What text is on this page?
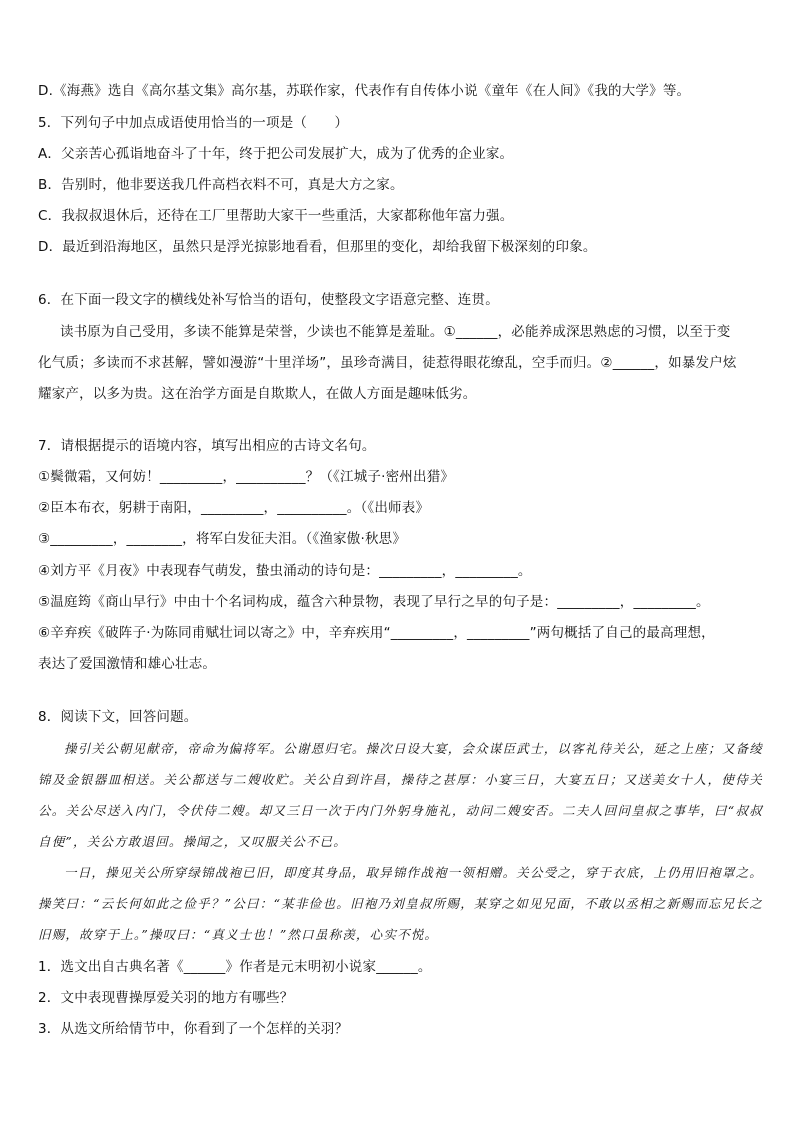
D.《海燕》选自《高尔基文集》高尔基，苏联作家，代表作有自传体小说《童年《在人间》《我的大学》等。
5．下列句子中加点成语使用恰当的一项是（　　）
A．父亲苦心孤诣地奋斗了十年，终于把公司发展扩大，成为了优秀的企业家。
B．告别时，他非要送我几件高档衣料不可，真是大方之家。
C．我叔叔退休后，还待在工厂里帮助大家干一些重活，大家都称他年富力强。
D．最近到沿海地区，虽然只是浮光掠影地看看，但那里的变化，却给我留下极深刻的印象。
6．在下面一段文字的横线处补写恰当的语句，使整段文字语意完整、连贯。
读书原为自己受用，多读不能算是荣誉，少读也不能算是羞耻。①______，必能养成深思熟虑的习惯，以至于变
化气质；多读而不求甚解，譬如漫游“十里洋场”，虽珍奇满目，徒惹得眼花缭乱，空手而归。②______，如暴发户炫
耀家产，以多为贵。这在治学方面是自欺欺人，在做人方面是趣味低劣。
7．请根据提示的语境内容，填写出相应的古诗文名句。
①鬓微霜，又何妨！_________，__________？（《江城子·密州出猎》
②臣本布衣，躬耕于南阳，_________，__________。（《出师表》
③_________，________，将军白发征夫泪。（《渔家傲·秋思》
④刘方平《月夜》中表现春气萌发，蛰虫涌动的诗句是：_________，_________。
⑤温庭筠《商山早行》中由十个名词构成，蕴含六种景物，表现了早行之早的句子是：_________，_________。
⑥辛弃疾《破阵子·为陈同甫赋壮词以寄之》中，辛弃疾用“_________，_________”两句概括了自己的最高理想，
表达了爱国激情和雄心壮志。
8．阅读下文，回答问题。
操引关公朝见献帝，帝命为偏将军。公谢恩归宅。操次日设大宴，会众谋臣武士，以客礼待关公，延之上座；又备绫锦及金银器皿相送。关公都送与二嫂收贮。关公自到许昌，操待之甚厚：小宴三日，大宴五日；又送美女十人，使侍关公。关公尽送入内门，令伏侍二嫂。却又三日一次于内门外躬身施礼，动问二嫂安否。二夫人回问皇叔之事毕，曰“叔叔自便”，关公方敢退回。操闻之，又叹服关公不已。
一日，操见关公所穿绿锦战袍已旧，即度其身品，取异锦作战袍一领相赠。关公受之，穿于衣底，上仍用旧袍罩之。操笑曰：“云长何如此之俭乎？”公曰：“某非俭也。旧袍乃刘皇叔所赐，某穿之如见兄面，不敢以丞相之新赐而忘兄长之旧赐，故穿于上。”操叹曰：“真义士也！”然口虽称羡，心实不悦。
1．选文出自古典名著《______》作者是元末明初小说家______。
2．文中表现曹操厚爱关羽的地方有哪些？
3．从选文所给情节中，你看到了一个怎样的关羽？
